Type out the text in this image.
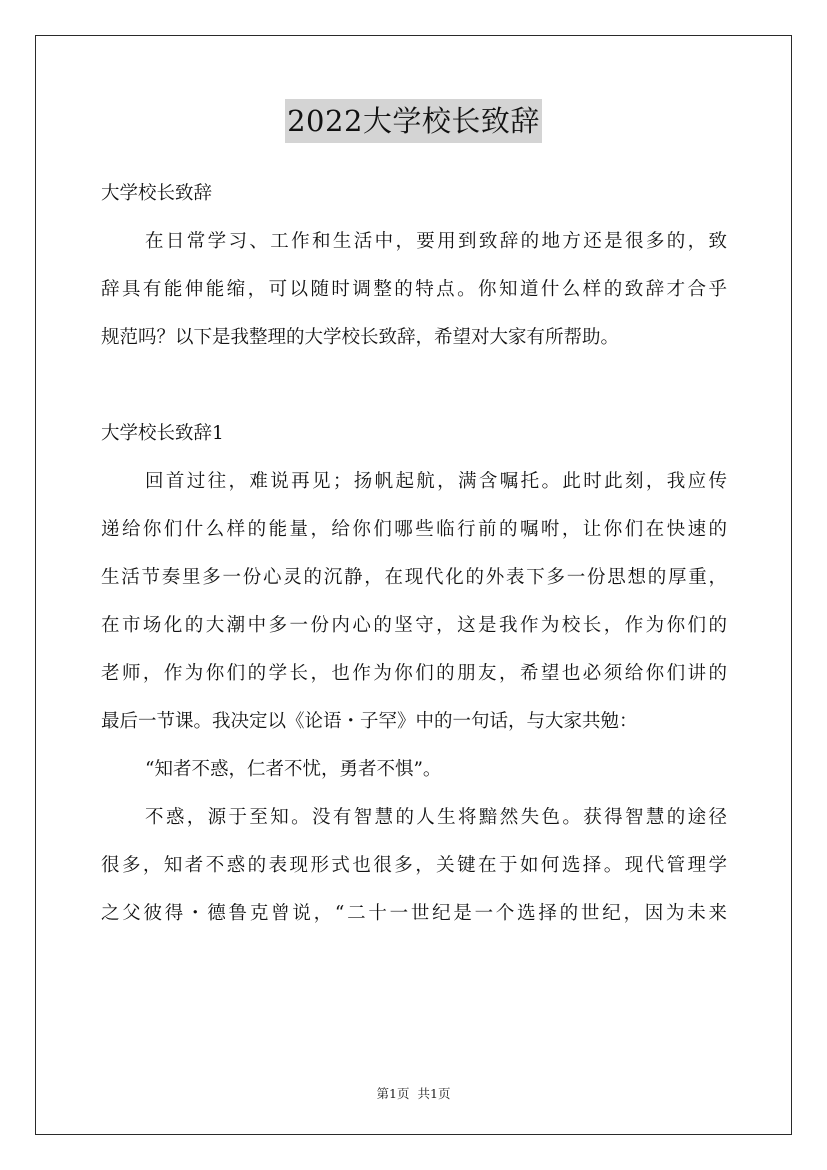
2022大学校长致辞
大学校长致辞
在日常学习、工作和生活中，要用到致辞的地方还是很多的，致
辞具有能伸能缩，可以随时调整的特点。你知道什么样的致辞才合乎
规范吗？以下是我整理的大学校长致辞，希望对大家有所帮助。
大学校长致辞1
回首过往，难说再见；扬帆起航，满含嘱托。此时此刻，我应传
递给你们什么样的能量，给你们哪些临行前的嘱咐，让你们在快速的
生活节奏里多一份心灵的沉静，在现代化的外表下多一份思想的厚重，
在市场化的大潮中多一份内心的坚守，这是我作为校长，作为你们的
老师，作为你们的学长，也作为你们的朋友，希望也必须给你们讲的
最后一节课。我决定以《论语・子罕》中的一句话，与大家共勉：
“知者不惑，仁者不忧，勇者不惧”。
不惑，源于至知。没有智慧的人生将黯然失色。获得智慧的途径
很多，知者不惑的表现形式也很多，关键在于如何选择。现代管理学
之父彼得・德鲁克曾说，“二十一世纪是一个选择的世纪，因为未来
第1页 共1页
